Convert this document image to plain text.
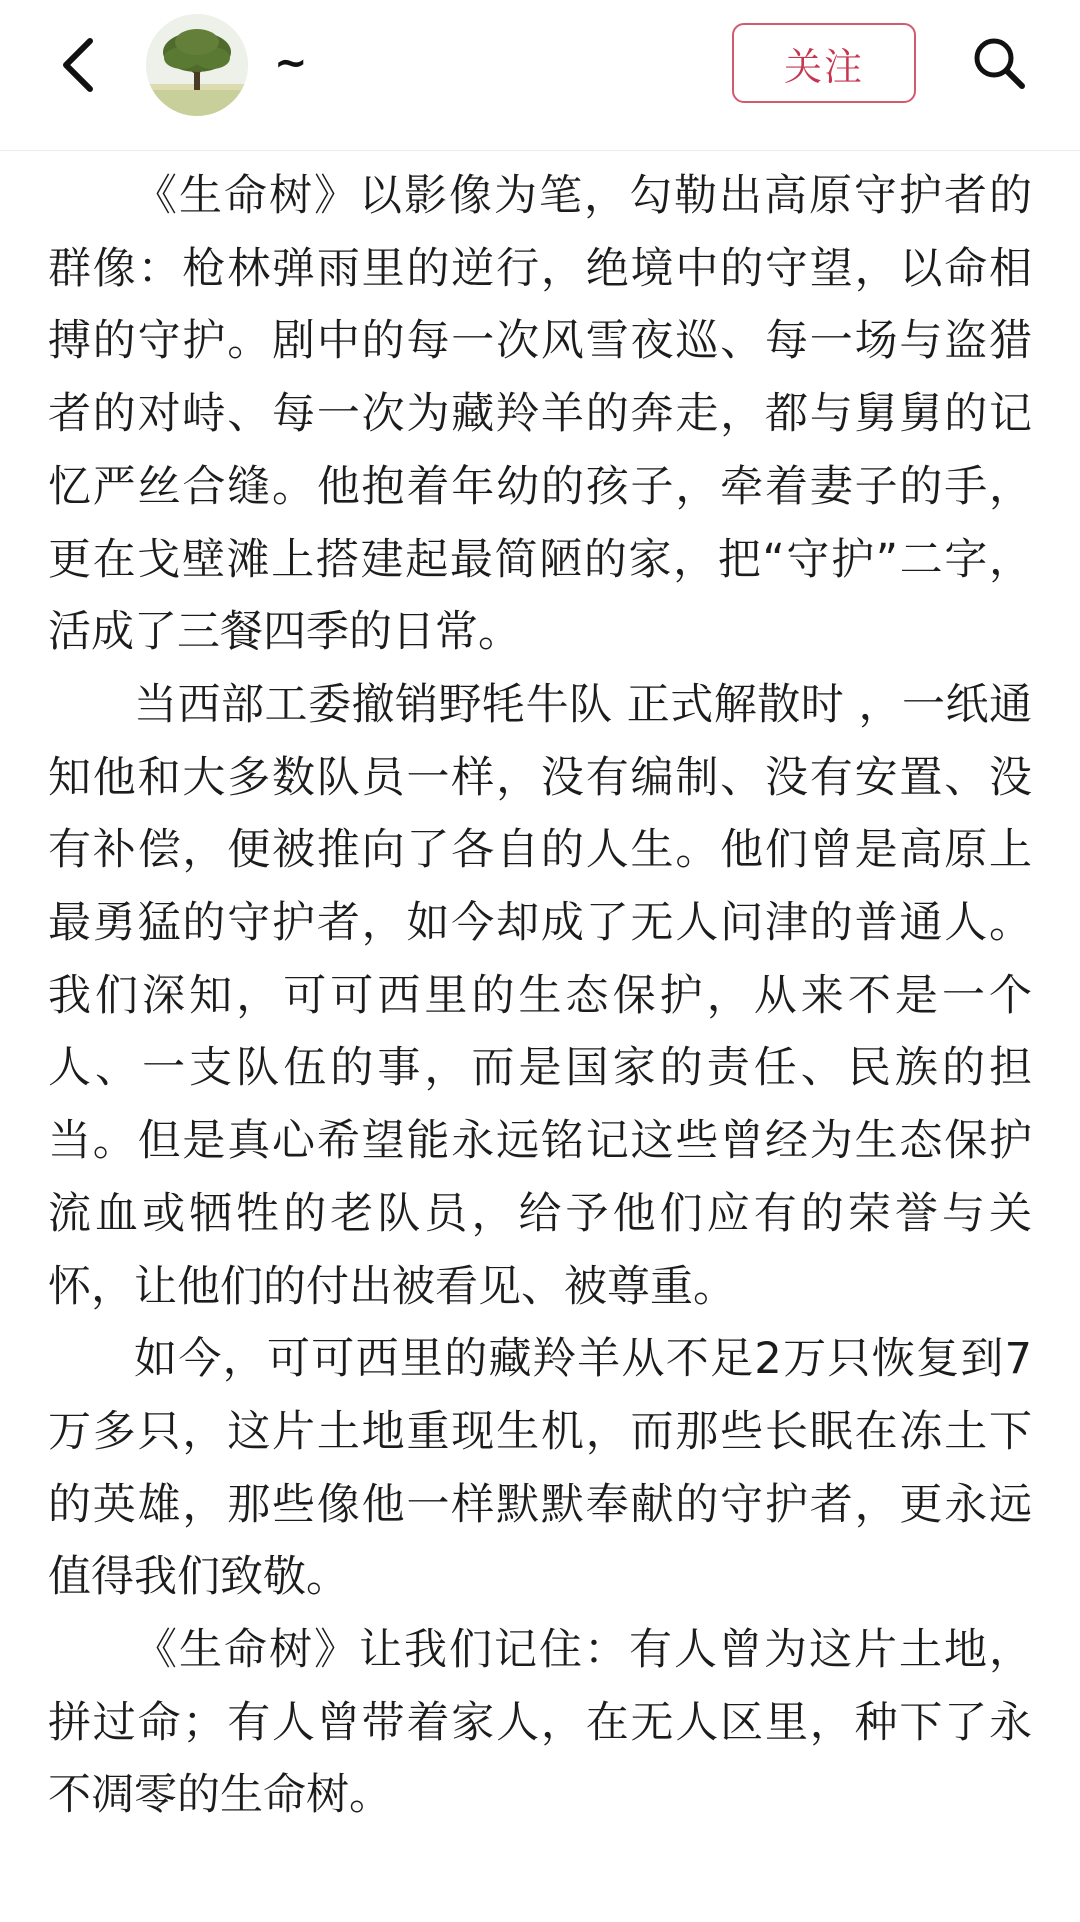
~	关注

《生命树》以影像为笔，勾勒出高原守护者的群像：枪林弹雨里的逆行，绝境中的守望，以命相搏的守护。剧中的每一次风雪夜巡、每一场与盗猎者的对峙、每一次为藏羚羊的奔走，都与舅舅的记忆严丝合缝。他抱着年幼的孩子，牵着妻子的手，更在戈壁滩上搭建起最简陋的家，把“守护”二字，活成了三餐四季的日常。

当西部工委撤销野牦牛队 正式解散时 ，一纸通知他和大多数队员一样，没有编制、没有安置、没有补偿，便被推向了各自的人生。他们曾是高原上最勇猛的守护者，如今却成了无人问津的普通人。我们深知，可可西里的生态保护，从来不是一个人、一支队伍的事，而是国家的责任、民族的担当。但是真心希望能永远铭记这些曾经为生态保护流血或牺牲的老队员，给予他们应有的荣誉与关怀，让他们的付出被看见、被尊重。

如今，可可西里的藏羚羊从不足2万只恢复到7万多只，这片土地重现生机，而那些长眠在冻土下的英雄，那些像他一样默默奉献的守护者，更永远值得我们致敬。

《生命树》让我们记住：有人曾为这片土地，拼过命；有人曾带着家人，在无人区里，种下了永不凋零的生命树。
